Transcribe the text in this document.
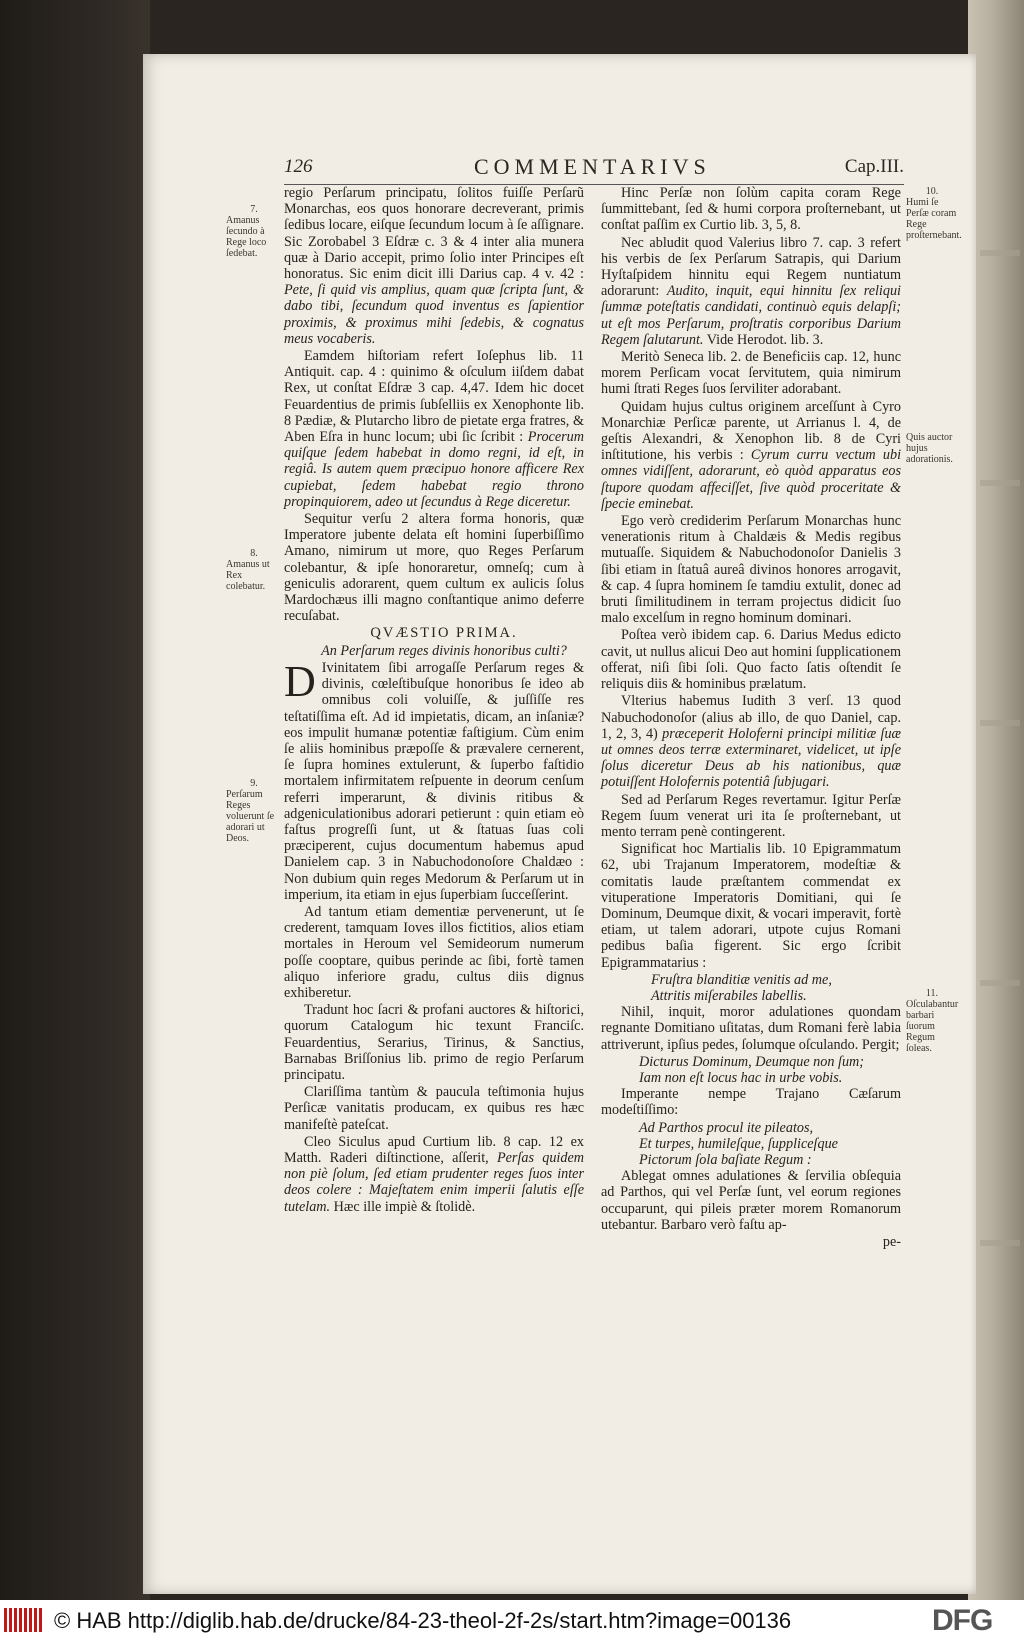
126	COMMENTARIVS	Cap.III.

regio Perſarum principatu, ſolitos fuiſſe Perſarũ Monarchas, eos quos honorare decreverant, primis ſedibus locare, eiſque ſecundum locum à ſe aſſignare. Sic Zorobabel 3 Eſdræ c. 3 & 4 inter alia munera quæ à Dario accepit, primo ſolio inter Principes eſt honoratus. Sic enim dicit illi Darius cap. 4 v. 42 : Pete, ſi quid vis amplius, quam quæ ſcripta ſunt, & dabo tibi, ſecundum quod inventus es ſapientior proximis, & proximus mihi ſedebis, & cognatus meus vocaberis.

Eamdem hiſtoriam refert Ioſephus lib. 11 Antiquit. cap. 4 : quinimo & oſculum iiſdem dabat Rex, ut conſtat Eſdræ 3 cap. 4,47. Idem hic docet Feuardentius de primis ſubſelliis ex Xenophonte lib. 8 Pædiæ, & Plutarcho libro de pietate erga fratres, & Aben Eſra in hunc locum; ubi ſic ſcribit : Procerum quiſque ſedem habebat in domo regni, id eſt, in regiâ. Is autem quem præcipuo honore afficere Rex cupiebat, ſedem habebat regio throno propinquiorem, adeo ut ſecundus à Rege diceretur.

Sequitur verſu 2 altera forma honoris, quæ Imperatore jubente delata eſt homini ſuperbiſſimo Amano, nimirum ut more, quo Reges Perſarum colebantur, & ipſe honoraretur, omneſq; cum à geniculis adorarent, quem cultum ex aulicis ſolus Mardochæus illi magno conſtantique animo deferre recuſabat.

QVÆSTIO PRIMA.

An Perſarum reges divinis honoribus culti?

D Ivinitatem ſibi arrogaſſe Perſarum reges & divinis, cœleſtibuſque honoribus ſe ideo ab omnibus coli voluiſſe, & juſſiſſe res teſtatiſſima eſt. Ad id impietatis, dicam, an inſaniæ? eos impulit humanæ potentiæ faſtigium. Cùm enim ſe aliis hominibus præpoſſe & prævalere cernerent, ſe ſupra homines extulerunt, & ſuperbo faſtidio mortalem infirmitatem reſpuente in deorum cenſum referri imperarunt, & divinis ritibus & adgeniculationibus adorari petierunt : quin etiam eò faſtus progreſſi ſunt, ut & ſtatuas ſuas coli præciperent, cujus documentum habemus apud Danielem cap. 3 in Nabuchodonoſore Chaldæo : Non dubium quin reges Medorum & Perſarum ut in imperium, ita etiam in ejus ſuperbiam ſucceſſerint.

Ad tantum etiam dementiæ pervenerunt, ut ſe crederent, tamquam Ioves illos fictitios, alios etiam mortales in Heroum vel Semideorum numerum poſſe cooptare, quibus perinde ac ſibi, fortè tamen aliquo inferiore gradu, cultus diis dignus exhiberetur.

Tradunt hoc ſacri & profani auctores & hiſtorici, quorum Catalogum hic texunt Franciſc. Feuardentius, Serarius, Tirinus, & Sanctius, Barnabas Briſſonius lib. primo de regio Perſarum principatu.

Clariſſima tantùm & paucula teſtimonia hujus Perſicæ vanitatis producam, ex quibus res hæc manifeſtè pateſcat.

Cleo Siculus apud Curtium lib. 8 cap. 12 ex Matth. Raderi diſtinctione, aſſerit, Perſas quidem non piè ſolum, ſed etiam prudenter reges ſuos inter deos colere : Majeſtatem enim imperii ſalutis eſſe tutelam. Hæc ille impiè & ſtolidè.

Hinc Perſæ non ſolùm capita coram Rege ſummittebant, ſed & humi corpora proſternebant, ut conſtat paſſim ex Curtio lib. 3, 5, 8.

Nec abludit quod Valerius libro 7. cap. 3 refert his verbis de ſex Perſarum Satrapis, qui Darium Hyſtaſpidem hinnitu equi Regem nuntiatum adorarunt: Audito, inquit, equi hinnitu ſex reliqui ſummæ poteſtatis candidati, continuò equis delapſi; ut eſt mos Perſarum, proſtratis corporibus Darium Regem ſalutarunt. Vide Herodot. lib. 3.

Meritò Seneca lib. 2. de Beneficiis cap. 12, hunc morem Perſicam vocat ſervitutem, quia nimirum humi ſtrati Reges ſuos ſerviliter adorabant.

Quidam hujus cultus originem arceſſunt à Cyro Monarchiæ Perſicæ parente, ut Arrianus l. 4, de geſtis Alexandri, & Xenophon lib. 8 de Cyri inſtitutione, his verbis : Cyrum curru vectum ubi omnes vidiſſent, adorarunt, eò quòd apparatus eos ſtupore quodam affeciſſet, ſive quòd proceritate & ſpecie eminebat.

Ego verò crediderim Perſarum Monarchas hunc venerationis ritum à Chaldæis & Medis regibus mutuaſſe. Siquidem & Nabuchodonoſor Danielis 3 ſibi etiam in ſtatuâ aureâ divinos honores arrogavit, & cap. 4 ſupra hominem ſe tamdiu extulit, donec ad bruti ſimilitudinem in terram projectus didicit ſuo malo excelſum in regno hominum dominari.

Poſtea verò ibidem cap. 6. Darius Medus edicto cavit, ut nullus alicui Deo aut homini ſupplicationem offerat, niſi ſibi ſoli. Quo facto ſatis oſtendit ſe reliquis diis & hominibus prælatum.

Vlterius habemus Iudith 3 verſ. 13 quod Nabuchodonoſor (alius ab illo, de quo Daniel, cap. 1, 2, 3, 4) præceperit Holoferni principi militiæ ſuæ ut omnes deos terræ exterminaret, videlicet, ut ipſe ſolus diceretur Deus ab his nationibus, quæ potuiſſent Holofernis potentiâ ſubjugari.

Sed ad Perſarum Reges revertamur. Igitur Perſæ Regem ſuum venerat uri ita ſe proſternebant, ut mento terram penè contingerent.

Significat hoc Martialis lib. 10 Epigrammatum 62, ubi Trajanum Imperatorem, modeſtiæ & comitatis laude præſtantem commendat ex vituperatione Imperatoris Domitiani, qui ſe Dominum, Deumque dixit, & vocari imperavit, fortè etiam, ut talem adorari, utpote cujus Romani pedibus baſia figerent. Sic ergo ſcribit Epigrammatarius :

Fruſtra blanditiæ venitis ad me,

Attritis miſerabiles labellis.

Nihil, inquit, moror adulationes quondam regnante Domitiano uſitatas, dum Romani ferè labia attriverunt, ipſius pedes, ſolumque oſculando. Pergit;

Dicturus Dominum, Deumque non ſum;

Iam non eſt locus hac in urbe vobis.

Imperante nempe Trajano Cæſarum modeſtiſſimo:

Ad Parthos procul ite pileatos,

Et turpes, humileſque, ſuppliceſque

Pictorum ſola baſiate Regum :

Ablegat omnes adulationes & ſervilia obſequia ad Parthos, qui vel Perſæ ſunt, vel eorum regiones occuparunt, qui pileis præter morem Romanorum utebantur. Barbaro verò faſtu ap-

pe-

7.
Amanus ſecundo à Rege loco ſedebat.
8.
Amanus ut Rex colebatur.
9.
Perſarum Reges voluerunt ſe adorari ut Deos.
10.
Humi ſe Perſæ coram Rege proſternebant.
Quis auctor hujus adorationis.
11.
Oſculabantur barbari ſuorum Regum ſoleas.
© HAB http://diglib.hab.de/drucke/84-23-theol-2f-2s/start.htm?image=00136	DFG
